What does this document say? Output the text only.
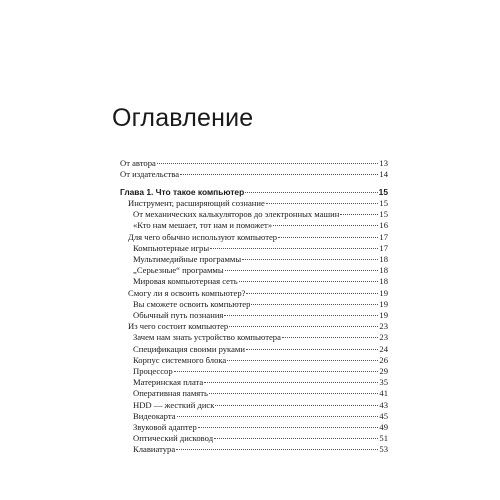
Оглавление
От автора	13
От издательства	14
Глава 1. Что такое компьютер	15
Инструмент, расширяющий сознание	15
От механических калькуляторов до электронных машин	15
«Кто нам мешает, тот нам и поможет»	16
Для чего обычно используют компьютер	17
Компьютерные игры	17
Мультимедийные программы	18
„Серьезные“ программы	18
Мировая компьютерная сеть	18
Смогу ли я освоить компьютер?	19
Вы сможете освоить компьютер	19
Обычный путь познания	19
Из чего состоит компьютер	23
Зачем нам знать устройство компьютера	23
Спецификация своими руками	24
Корпус системного блока	26
Процессор	29
Материнская плата	35
Оперативная память	41
HDD — жесткий диск	43
Видеокарта	45
Звуковой адаптер	49
Оптический дисковод	51
Клавиатура	53
